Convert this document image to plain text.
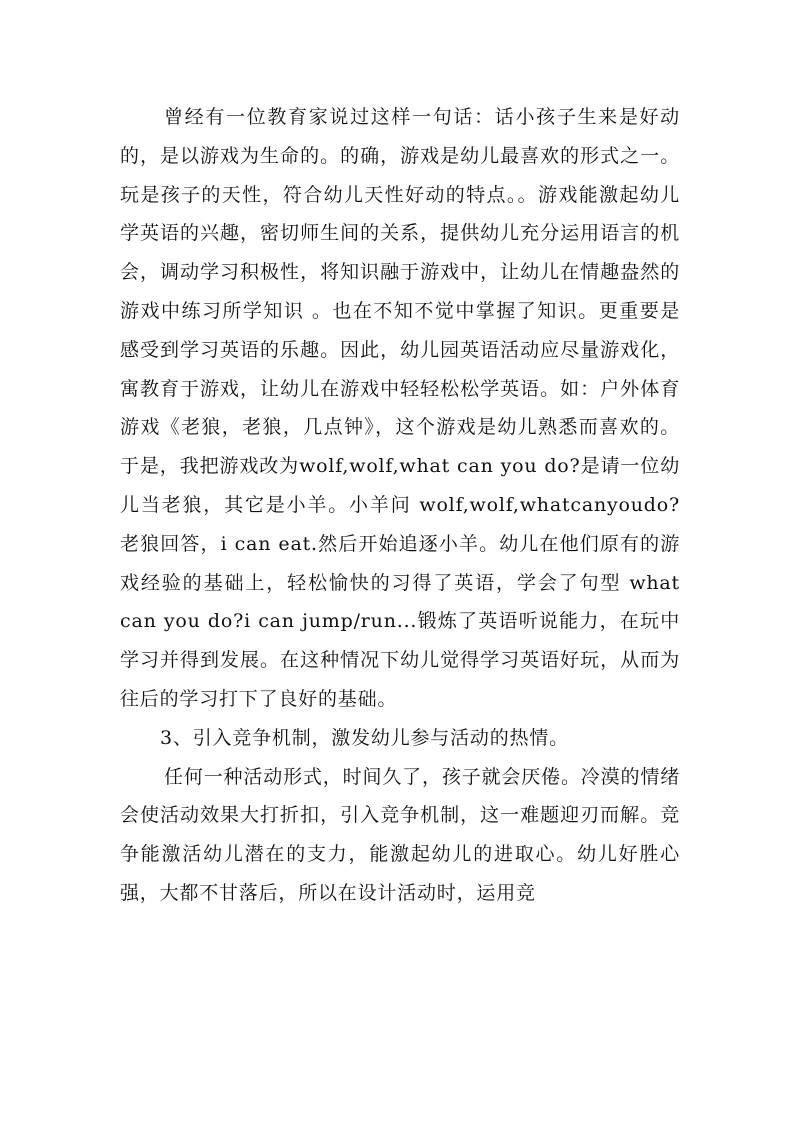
曾经有一位教育家说过这样一句话：话小孩子生来是好动的，是以游戏为生命的。的确，游戏是幼儿最喜欢的形式之一。玩是孩子的天性，符合幼儿天性好动的特点。。游戏能激起幼儿学英语的兴趣，密切师生间的关系，提供幼儿充分运用语言的机会，调动学习积极性，将知识融于游戏中，让幼儿在情趣盎然的游戏中练习所学知识 。也在不知不觉中掌握了知识。更重要是感受到学习英语的乐趣。因此，幼儿园英语活动应尽量游戏化，寓教育于游戏，让幼儿在游戏中轻轻松松学英语。如：户外体育游戏《老狼，老狼，几点钟》，这个游戏是幼儿熟悉而喜欢的。于是，我把游戏改为wolf,wolf,what can you do?是请一位幼儿当老狼，其它是小羊。小羊问 wolf,wolf,whatcanyoudo?老狼回答，i can eat.然后开始追逐小羊。幼儿在他们原有的游戏经验的基础上，轻松愉快的习得了英语，学会了句型 what can you do?i can jump/run...锻炼了英语听说能力，在玩中学习并得到发展。在这种情况下幼儿觉得学习英语好玩，从而为往后的学习打下了良好的基础。

3、引入竞争机制，激发幼儿参与活动的热情。

任何一种活动形式，时间久了，孩子就会厌倦。冷漠的情绪会使活动效果大打折扣，引入竞争机制，这一难题迎刃而解。竞争能激活幼儿潜在的支力，能激起幼儿的进取心。幼儿好胜心强，大都不甘落后，所以在设计活动时，运用竞
